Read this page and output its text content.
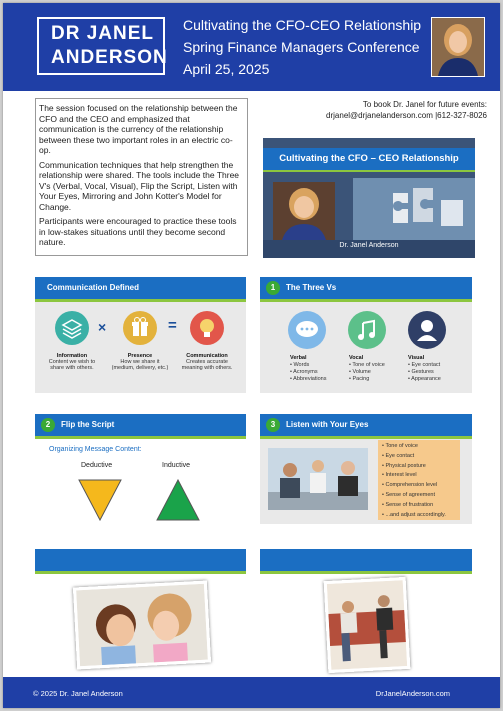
DR JANEL
ANDERSON
Cultivating the CFO-CEO Relationship
Spring Finance Managers Conference
April 25, 2025

The session focused on the relationship between the CFO and the CEO and emphasized that communication is the currency of the relationship between these two important roles in an electric co-op.

Communication techniques that help strengthen the relationship were shared. The tools include the Three V's (Verbal, Vocal, Visual), Flip the Script, Listen with Your Eyes, Mirroring and John Kotter's Model for Change.

Participants were encouraged to practice these tools in low-stakes situations until they become second nature.

To book Dr. Janel for future events:
drjanel@drjanelanderson.com |612-327-8026
Cultivating the CFO – CEO Relationship
Dr. Janel Anderson
Communication Defined
×	=
Information
Content we wish to share with others.
Presence
How we share it (medium, delivery, etc.)
Communication
Creates accurate meaning with others.
1 The Three Vs
Verbal
• Words
• Acronyms
• Abbreviations
Vocal
• Tone of voice
• Volume
• Pacing
Visual
• Eye contact
• Gestures
• Appearance
2 Flip the Script
Organizing Message Content:
Deductive	Inductive
3 Listen with Your Eyes
• Tone of voice
• Eye contact
• Physical posture
• Interest level
• Comprehension level
• Sense of agreement
• Sense of frustration
• ...and adjust accordingly.
© 2025 Dr. Janel Anderson	DrJanelAnderson.com
